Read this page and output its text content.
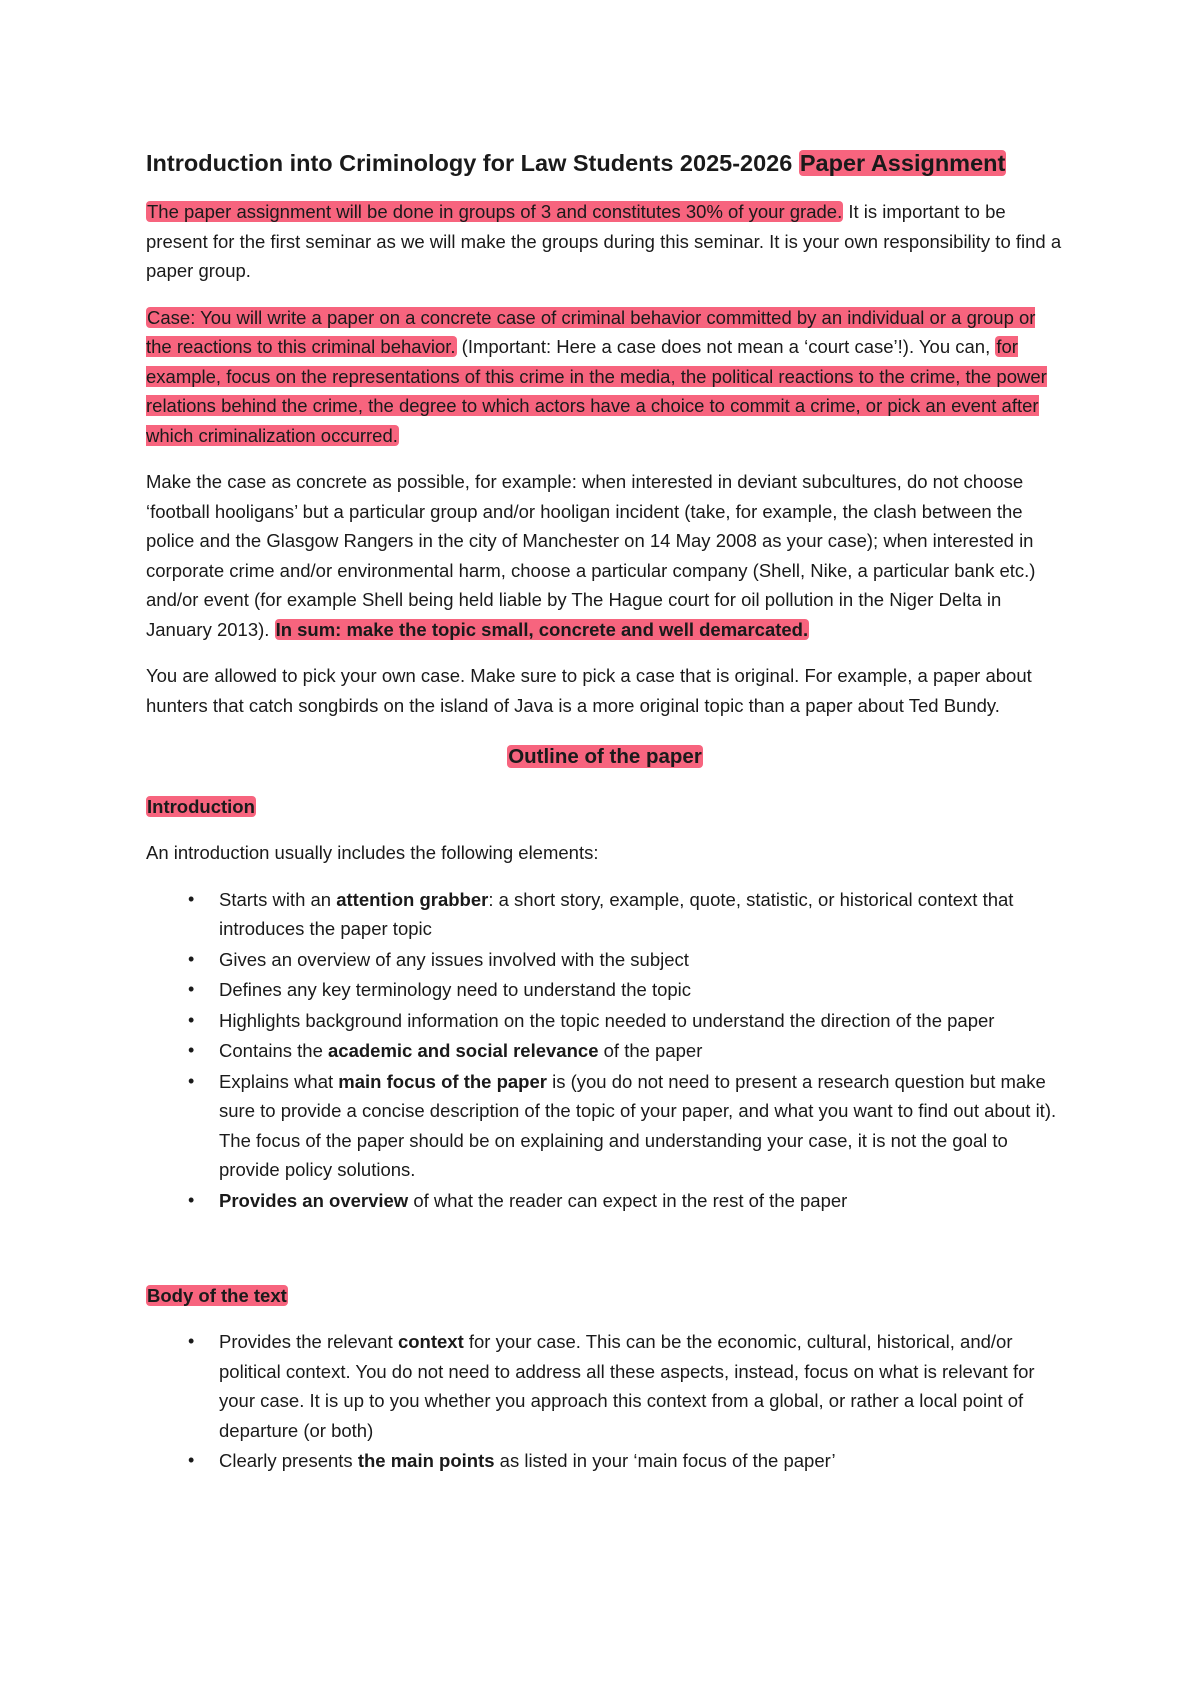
Introduction into Criminology for Law Students 2025-2026 Paper Assignment

The paper assignment will be done in groups of 3 and constitutes 30% of your grade. It is important to be present for the first seminar as we will make the groups during this seminar. It is your own responsibility to find a paper group.

Case: You will write a paper on a concrete case of criminal behavior committed by an individual or a group or the reactions to this criminal behavior. (Important: Here a case does not mean a ‘court case’!). You can, for example, focus on the representations of this crime in the media, the political reactions to the crime, the power relations behind the crime, the degree to which actors have a choice to commit a crime, or pick an event after which criminalization occurred.

Make the case as concrete as possible, for example: when interested in deviant subcultures, do not choose ‘football hooligans’ but a particular group and/or hooligan incident (take, for example, the clash between the police and the Glasgow Rangers in the city of Manchester on 14 May 2008 as your case); when interested in corporate crime and/or environmental harm, choose a particular company (Shell, Nike, a particular bank etc.) and/or event (for example Shell being held liable by The Hague court for oil pollution in the Niger Delta in January 2013). In sum: make the topic small, concrete and well demarcated.

You are allowed to pick your own case. Make sure to pick a case that is original. For example, a paper about hunters that catch songbirds on the island of Java is a more original topic than a paper about Ted Bundy.

Outline of the paper
Introduction

An introduction usually includes the following elements:

• Starts with an attention grabber: a short story, example, quote, statistic, or historical context that introduces the paper topic
• Gives an overview of any issues involved with the subject
• Defines any key terminology need to understand the topic
• Highlights background information on the topic needed to understand the direction of the paper
• Contains the academic and social relevance of the paper
• Explains what main focus of the paper is (you do not need to present a research question but make sure to provide a concise description of the topic of your paper, and what you want to find out about it). The focus of the paper should be on explaining and understanding your case, it is not the goal to provide policy solutions.
• Provides an overview of what the reader can expect in the rest of the paper
Body of the text
• Provides the relevant context for your case. This can be the economic, cultural, historical, and/or political context. You do not need to address all these aspects, instead, focus on what is relevant for your case. It is up to you whether you approach this context from a global, or rather a local point of departure (or both)
• Clearly presents the main points as listed in your ‘main focus of the paper’
